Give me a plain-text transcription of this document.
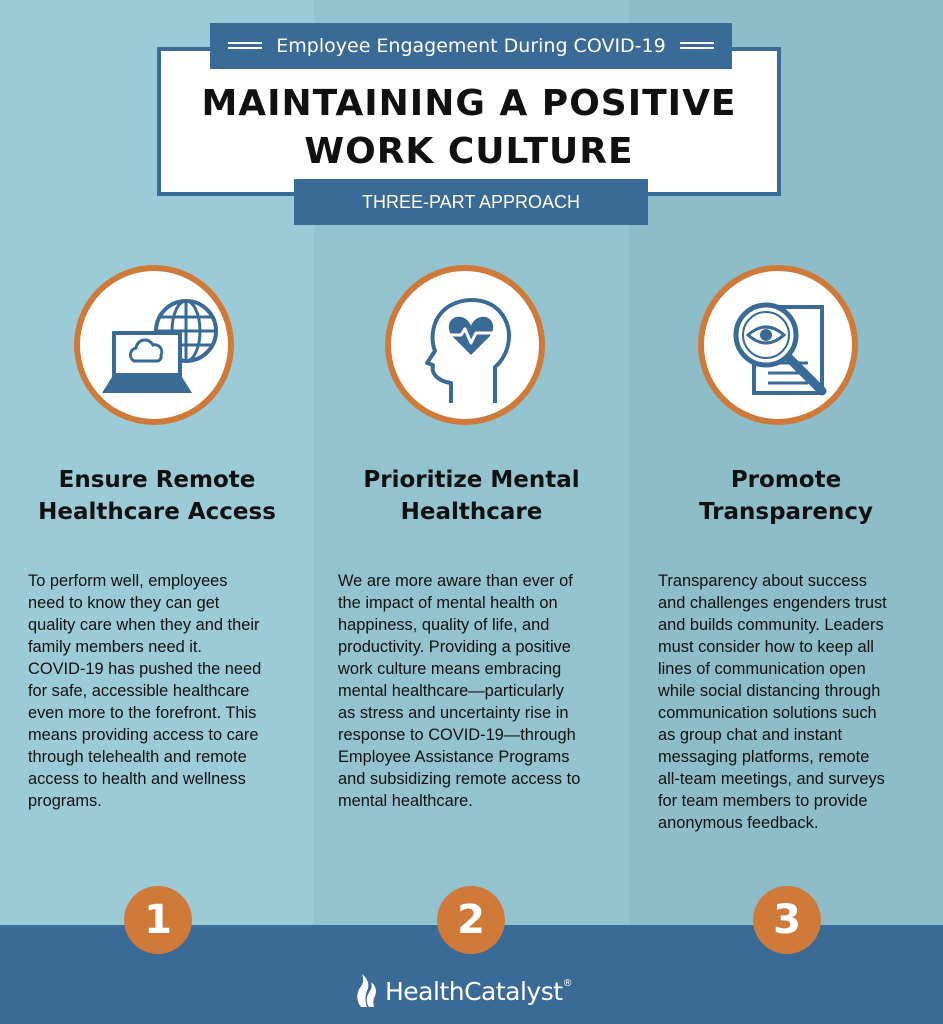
Employee Engagement During COVID-19
MAINTAINING A POSITIVE
WORK CULTURE
THREE-PART APPROACH
Ensure Remote
Healthcare Access
Prioritize Mental
Healthcare
Promote
Transparency
To perform well, employees
need to know they can get
quality care when they and their
family members need it.
COVID-19 has pushed the need
for safe, accessible healthcare
even more to the forefront. This
means providing access to care
through telehealth and remote
access to health and wellness
programs.
We are more aware than ever of
the impact of mental health on
happiness, quality of life, and
productivity. Providing a positive
work culture means embracing
mental healthcare—particularly
as stress and uncertainty rise in
response to COVID-19—through
Employee Assistance Programs
and subsidizing remote access to
mental healthcare.
Transparency about success
and challenges engenders trust
and builds community. Leaders
must consider how to keep all
lines of communication open
while social distancing through
communication solutions such
as group chat and instant
messaging platforms, remote
all-team meetings, and surveys
for team members to provide
anonymous feedback.
1	2	3
HealthCatalyst ®
